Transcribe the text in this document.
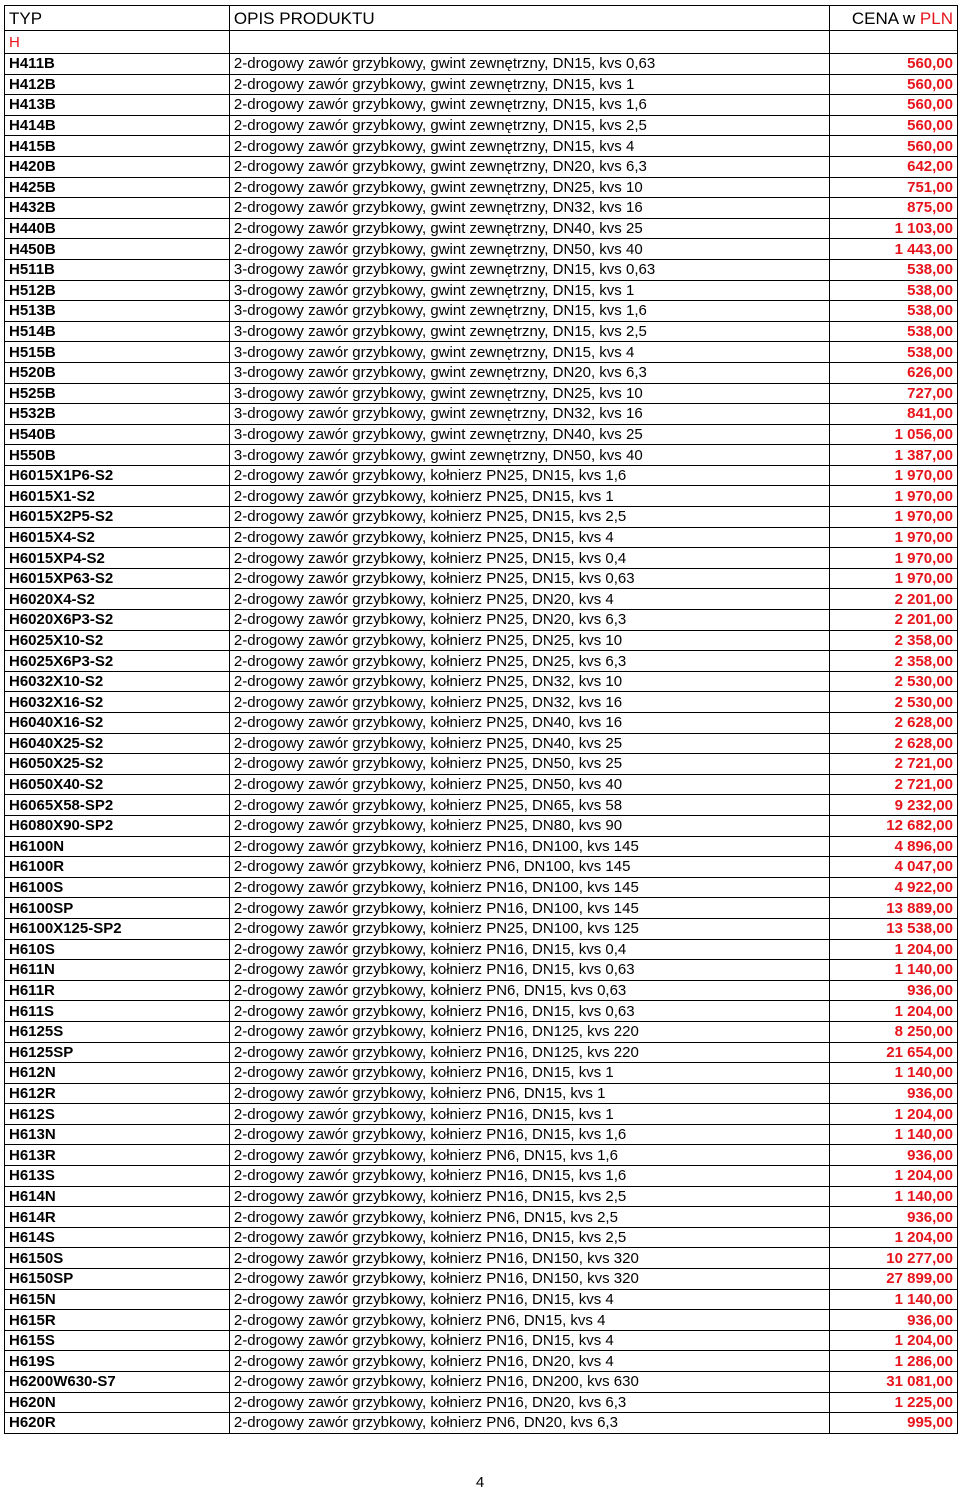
TYP	OPIS PRODUKTU	CENA w PLN
H		
H411B	2-drogowy zawór grzybkowy, gwint zewnętrzny, DN15, kvs 0,63	560,00
H412B	2-drogowy zawór grzybkowy, gwint zewnętrzny, DN15, kvs 1	560,00
H413B	2-drogowy zawór grzybkowy, gwint zewnętrzny, DN15, kvs 1,6	560,00
H414B	2-drogowy zawór grzybkowy, gwint zewnętrzny, DN15, kvs 2,5	560,00
H415B	2-drogowy zawór grzybkowy, gwint zewnętrzny, DN15, kvs 4	560,00
H420B	2-drogowy zawór grzybkowy, gwint zewnętrzny, DN20, kvs 6,3	642,00
H425B	2-drogowy zawór grzybkowy, gwint zewnętrzny, DN25, kvs 10	751,00
H432B	2-drogowy zawór grzybkowy, gwint zewnętrzny, DN32, kvs 16	875,00
H440B	2-drogowy zawór grzybkowy, gwint zewnętrzny, DN40, kvs 25	1 103,00
H450B	2-drogowy zawór grzybkowy, gwint zewnętrzny, DN50, kvs 40	1 443,00
H511B	3-drogowy zawór grzybkowy, gwint zewnętrzny, DN15, kvs 0,63	538,00
H512B	3-drogowy zawór grzybkowy, gwint zewnętrzny, DN15, kvs 1	538,00
H513B	3-drogowy zawór grzybkowy, gwint zewnętrzny, DN15, kvs 1,6	538,00
H514B	3-drogowy zawór grzybkowy, gwint zewnętrzny, DN15, kvs 2,5	538,00
H515B	3-drogowy zawór grzybkowy, gwint zewnętrzny, DN15, kvs 4	538,00
H520B	3-drogowy zawór grzybkowy, gwint zewnętrzny, DN20, kvs 6,3	626,00
H525B	3-drogowy zawór grzybkowy, gwint zewnętrzny, DN25, kvs 10	727,00
H532B	3-drogowy zawór grzybkowy, gwint zewnętrzny, DN32, kvs 16	841,00
H540B	3-drogowy zawór grzybkowy, gwint zewnętrzny, DN40, kvs 25	1 056,00
H550B	3-drogowy zawór grzybkowy, gwint zewnętrzny, DN50, kvs 40	1 387,00
H6015X1P6-S2	2-drogowy zawór grzybkowy, kołnierz PN25, DN15, kvs 1,6	1 970,00
H6015X1-S2	2-drogowy zawór grzybkowy, kołnierz PN25, DN15, kvs 1	1 970,00
H6015X2P5-S2	2-drogowy zawór grzybkowy, kołnierz PN25, DN15, kvs 2,5	1 970,00
H6015X4-S2	2-drogowy zawór grzybkowy, kołnierz PN25, DN15, kvs 4	1 970,00
H6015XP4-S2	2-drogowy zawór grzybkowy, kołnierz PN25, DN15, kvs 0,4	1 970,00
H6015XP63-S2	2-drogowy zawór grzybkowy, kołnierz PN25, DN15, kvs 0,63	1 970,00
H6020X4-S2	2-drogowy zawór grzybkowy, kołnierz PN25, DN20, kvs 4	2 201,00
H6020X6P3-S2	2-drogowy zawór grzybkowy, kołnierz PN25, DN20, kvs 6,3	2 201,00
H6025X10-S2	2-drogowy zawór grzybkowy, kołnierz PN25, DN25, kvs 10	2 358,00
H6025X6P3-S2	2-drogowy zawór grzybkowy, kołnierz PN25, DN25, kvs 6,3	2 358,00
H6032X10-S2	2-drogowy zawór grzybkowy, kołnierz PN25, DN32, kvs 10	2 530,00
H6032X16-S2	2-drogowy zawór grzybkowy, kołnierz PN25, DN32, kvs 16	2 530,00
H6040X16-S2	2-drogowy zawór grzybkowy, kołnierz PN25, DN40, kvs 16	2 628,00
H6040X25-S2	2-drogowy zawór grzybkowy, kołnierz PN25, DN40, kvs 25	2 628,00
H6050X25-S2	2-drogowy zawór grzybkowy, kołnierz PN25, DN50, kvs 25	2 721,00
H6050X40-S2	2-drogowy zawór grzybkowy, kołnierz PN25, DN50, kvs 40	2 721,00
H6065X58-SP2	2-drogowy zawór grzybkowy, kołnierz PN25, DN65, kvs 58	9 232,00
H6080X90-SP2	2-drogowy zawór grzybkowy, kołnierz PN25, DN80, kvs 90	12 682,00
H6100N	2-drogowy zawór grzybkowy, kołnierz PN16, DN100, kvs 145	4 896,00
H6100R	2-drogowy zawór grzybkowy, kołnierz PN6, DN100, kvs 145	4 047,00
H6100S	2-drogowy zawór grzybkowy, kołnierz PN16, DN100, kvs 145	4 922,00
H6100SP	2-drogowy zawór grzybkowy, kołnierz PN16, DN100, kvs 145	13 889,00
H6100X125-SP2	2-drogowy zawór grzybkowy, kołnierz PN25, DN100, kvs 125	13 538,00
H610S	2-drogowy zawór grzybkowy, kołnierz PN16, DN15, kvs 0,4	1 204,00
H611N	2-drogowy zawór grzybkowy, kołnierz PN16, DN15, kvs 0,63	1 140,00
H611R	2-drogowy zawór grzybkowy, kołnierz PN6, DN15, kvs 0,63	936,00
H611S	2-drogowy zawór grzybkowy, kołnierz PN16, DN15, kvs 0,63	1 204,00
H6125S	2-drogowy zawór grzybkowy, kołnierz PN16, DN125, kvs 220	8 250,00
H6125SP	2-drogowy zawór grzybkowy, kołnierz PN16, DN125, kvs 220	21 654,00
H612N	2-drogowy zawór grzybkowy, kołnierz PN16, DN15, kvs 1	1 140,00
H612R	2-drogowy zawór grzybkowy, kołnierz PN6, DN15, kvs 1	936,00
H612S	2-drogowy zawór grzybkowy, kołnierz PN16, DN15, kvs 1	1 204,00
H613N	2-drogowy zawór grzybkowy, kołnierz PN16, DN15, kvs 1,6	1 140,00
H613R	2-drogowy zawór grzybkowy, kołnierz PN6, DN15, kvs 1,6	936,00
H613S	2-drogowy zawór grzybkowy, kołnierz PN16, DN15, kvs 1,6	1 204,00
H614N	2-drogowy zawór grzybkowy, kołnierz PN16, DN15, kvs 2,5	1 140,00
H614R	2-drogowy zawór grzybkowy, kołnierz PN6, DN15, kvs 2,5	936,00
H614S	2-drogowy zawór grzybkowy, kołnierz PN16, DN15, kvs 2,5	1 204,00
H6150S	2-drogowy zawór grzybkowy, kołnierz PN16, DN150, kvs 320	10 277,00
H6150SP	2-drogowy zawór grzybkowy, kołnierz PN16, DN150, kvs 320	27 899,00
H615N	2-drogowy zawór grzybkowy, kołnierz PN16, DN15, kvs 4	1 140,00
H615R	2-drogowy zawór grzybkowy, kołnierz PN6, DN15, kvs 4	936,00
H615S	2-drogowy zawór grzybkowy, kołnierz PN16, DN15, kvs 4	1 204,00
H619S	2-drogowy zawór grzybkowy, kołnierz PN16, DN20, kvs 4	1 286,00
H6200W630-S7	2-drogowy zawór grzybkowy, kołnierz PN16, DN200, kvs 630	31 081,00
H620N	2-drogowy zawór grzybkowy, kołnierz PN16, DN20, kvs 6,3	1 225,00
H620R	2-drogowy zawór grzybkowy, kołnierz PN6, DN20, kvs 6,3	995,00
4
